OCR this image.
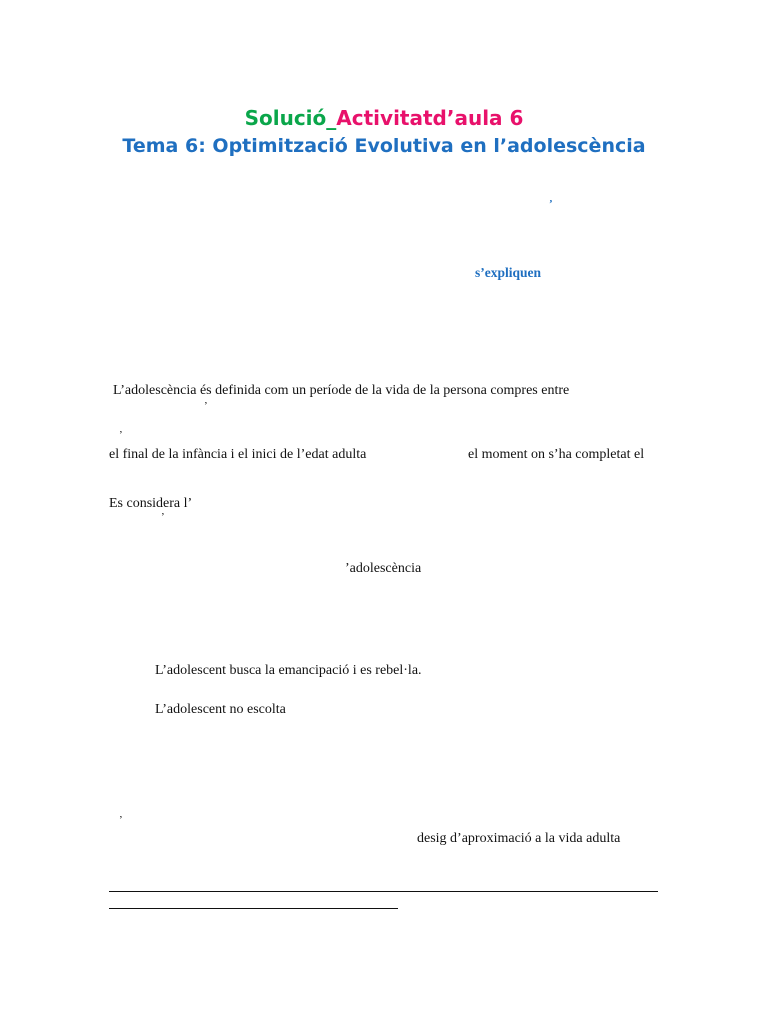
Solució_Activitatd’aula 6
Tema 6: Optimització Evolutiva en l’adolescència
’
s’expliquen
L’adolescència és definida com un període de la vida de la persona compres entre
’
’
el final de la infància i el inici de l’edat adulta	el moment on s’ha completat el
Es considera l’
’
’adolescència
L’adolescent busca la emancipació i es rebel·la.
L’adolescent no escolta
’
desig d’aproximació a la vida adulta
